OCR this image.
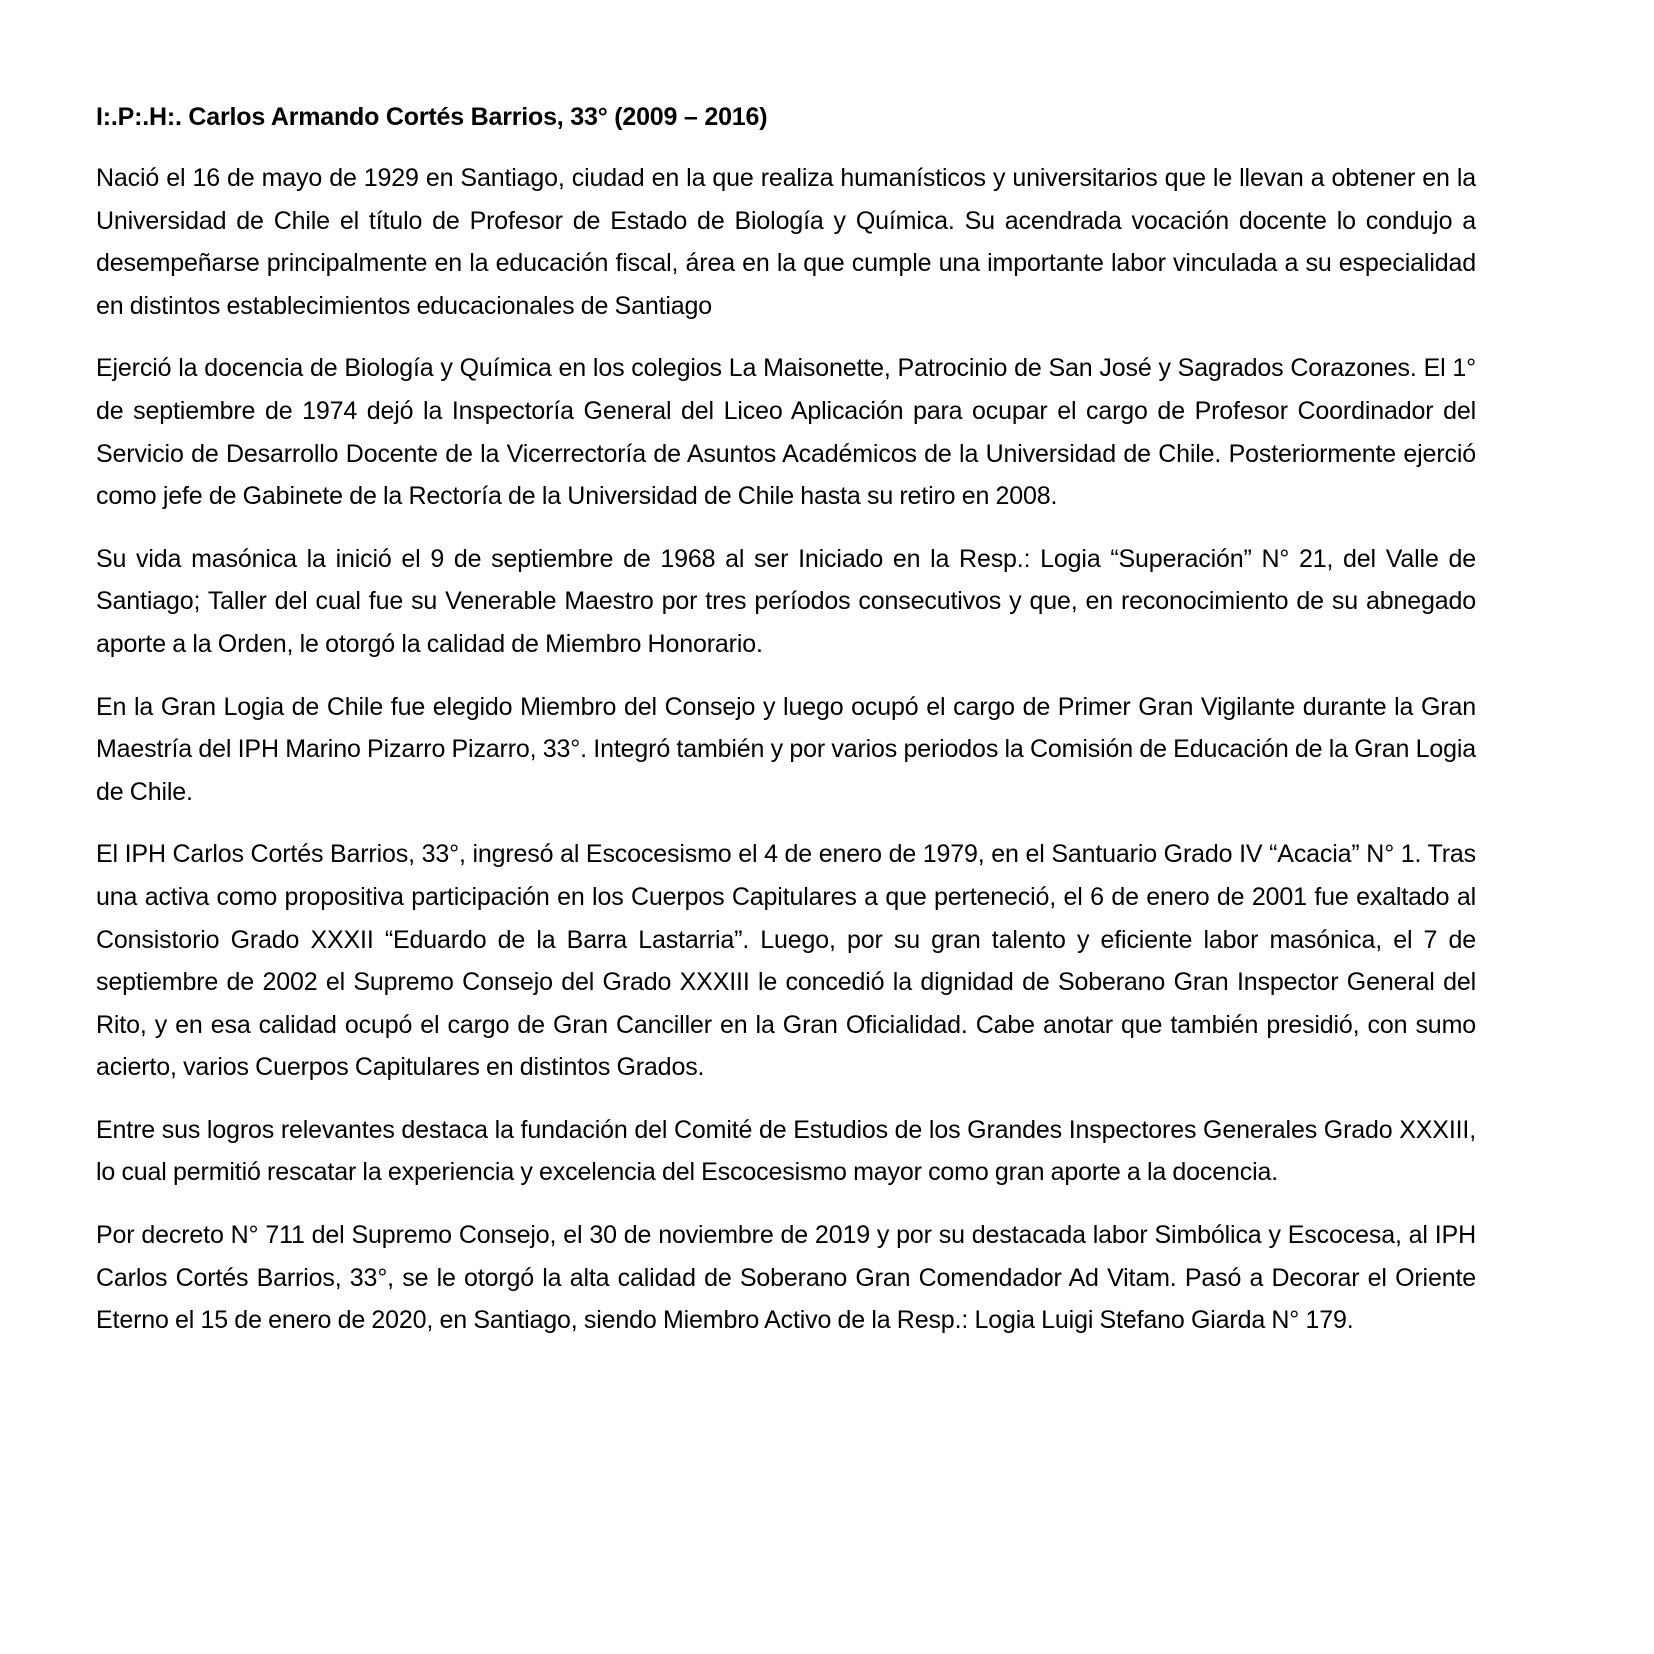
I:.P:.H:. Carlos Armando Cortés Barrios, 33° (2009 – 2016)

Nació el 16 de mayo de 1929 en Santiago, ciudad en la que realiza humanísticos y universitarios que le llevan a obtener en la Universidad de Chile el título de Profesor de Estado de Biología y Química. Su acendrada vocación docente lo condujo a desempeñarse principalmente en la educación fiscal, área en la que cumple una importante labor vinculada a su especialidad en distintos establecimientos educacionales de Santiago

Ejerció la docencia de Biología y Química en los colegios La Maisonette, Patrocinio de San José y Sagrados Corazones. El 1° de septiembre de 1974 dejó la Inspectoría General del Liceo Aplicación para ocupar el cargo de Profesor Coordinador del Servicio de Desarrollo Docente de la Vicerrectoría de Asuntos Académicos de la Universidad de Chile. Posteriormente ejerció como jefe de Gabinete de la Rectoría de la Universidad de Chile hasta su retiro en 2008.

Su vida masónica la inició el 9 de septiembre de 1968 al ser Iniciado en la Resp.: Logia “Superación” N° 21, del Valle de Santiago; Taller del cual fue su Venerable Maestro por tres períodos consecutivos y que, en reconocimiento de su abnegado aporte a la Orden, le otorgó la calidad de Miembro Honorario.

En la Gran Logia de Chile fue elegido Miembro del Consejo y luego ocupó el cargo de Primer Gran Vigilante durante la Gran Maestría del IPH Marino Pizarro Pizarro, 33°. Integró también y por varios periodos la Comisión de Educación de la Gran Logia de Chile.

El IPH Carlos Cortés Barrios, 33°, ingresó al Escocesismo el 4 de enero de 1979, en el Santuario Grado IV “Acacia” N° 1. Tras una activa como propositiva participación en los Cuerpos Capitulares a que perteneció, el 6 de enero de 2001 fue exaltado al Consistorio Grado XXXII “Eduardo de la Barra Lastarria”. Luego, por su gran talento y eficiente labor masónica, el 7 de septiembre de 2002 el Supremo Consejo del Grado XXXIII le concedió la dignidad de Soberano Gran Inspector General del Rito, y en esa calidad ocupó el cargo de Gran Canciller en la Gran Oficialidad. Cabe anotar que también presidió, con sumo acierto, varios Cuerpos Capitulares en distintos Grados.

Entre sus logros relevantes destaca la fundación del Comité de Estudios de los Grandes Inspectores Generales Grado XXXIII, lo cual permitió rescatar la experiencia y excelencia del Escocesismo mayor como gran aporte a la docencia.

Por decreto N° 711 del Supremo Consejo, el 30 de noviembre de 2019 y por su destacada labor Simbólica y Escocesa, al IPH Carlos Cortés Barrios, 33°, se le otorgó la alta calidad de Soberano Gran Comendador Ad Vitam. Pasó a Decorar el Oriente Eterno el 15 de enero de 2020, en Santiago, siendo Miembro Activo de la Resp.: Logia Luigi Stefano Giarda N° 179.
